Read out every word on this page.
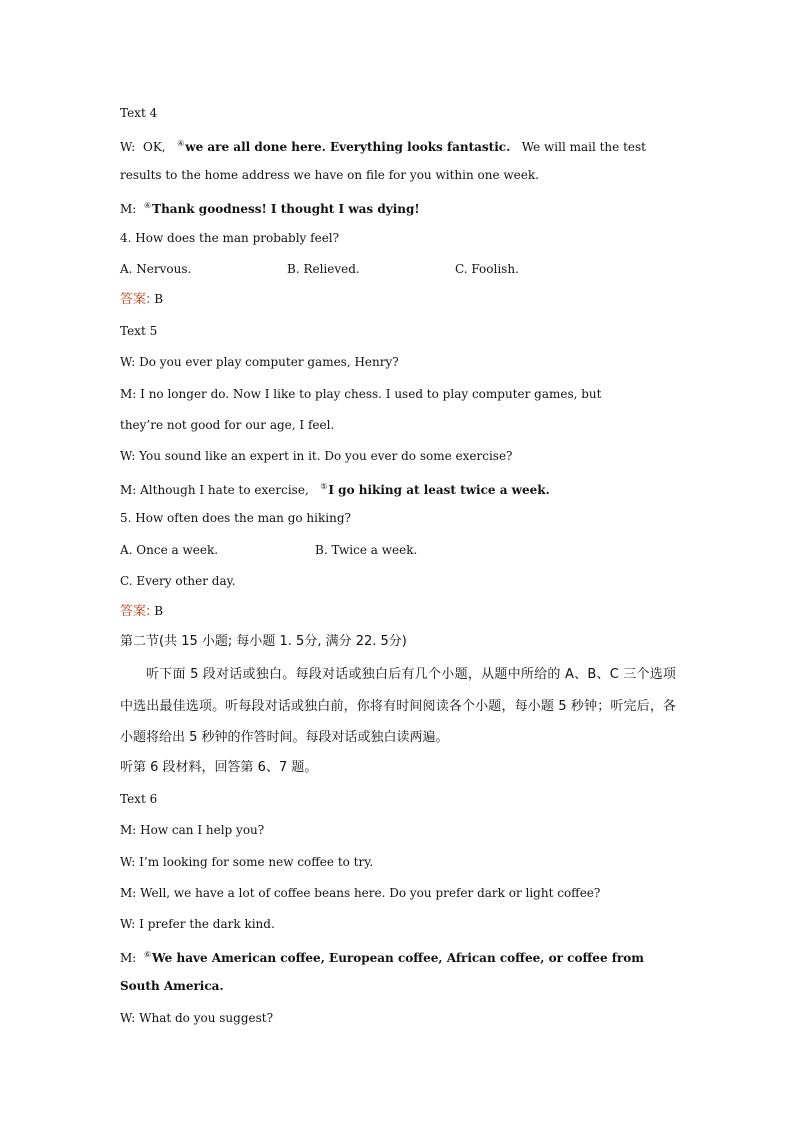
Text 4
W: OK, ④we are all done here. Everything looks fantastic. We will mail the test
results to the home address we have on file for you within one week.
M: ④Thank goodness! I thought I was dying!
4. How does the man probably feel?
A. Nervous.	B. Relieved.	C. Foolish.
答案: B
Text 5
W: Do you ever play computer games, Henry?
M: I no longer do. Now I like to play chess. I used to play computer games, but
they’re not good for our age, I feel.
W: You sound like an expert in it. Do you ever do some exercise?
M: Although I hate to exercise, ⑤I go hiking at least twice a week.
5. How often does the man go hiking?
A. Once a week.	B. Twice a week.
C. Every other day.
答案: B
第二节(共 15 小题; 每小题 1. 5分, 满分 22. 5分)
听下面 5 段对话或独白。每段对话或独白后有几个小题，从题中所给的 A、B、C 三个选项中选出最佳选项。听每段对话或独白前，你将有时间阅读各个小题，每小题 5 秒钟；听完后，各小题将给出 5 秒钟的作答时间。每段对话或独白读两遍。
听第 6 段材料，回答第 6、7 题。
Text 6
M: How can I help you?
W: I’m looking for some new coffee to try.
M: Well, we have a lot of coffee beans here. Do you prefer dark or light coffee?
W: I prefer the dark kind.
M: ⑥We have American coffee, European coffee, African coffee, or coffee from
South America.
W: What do you suggest?
